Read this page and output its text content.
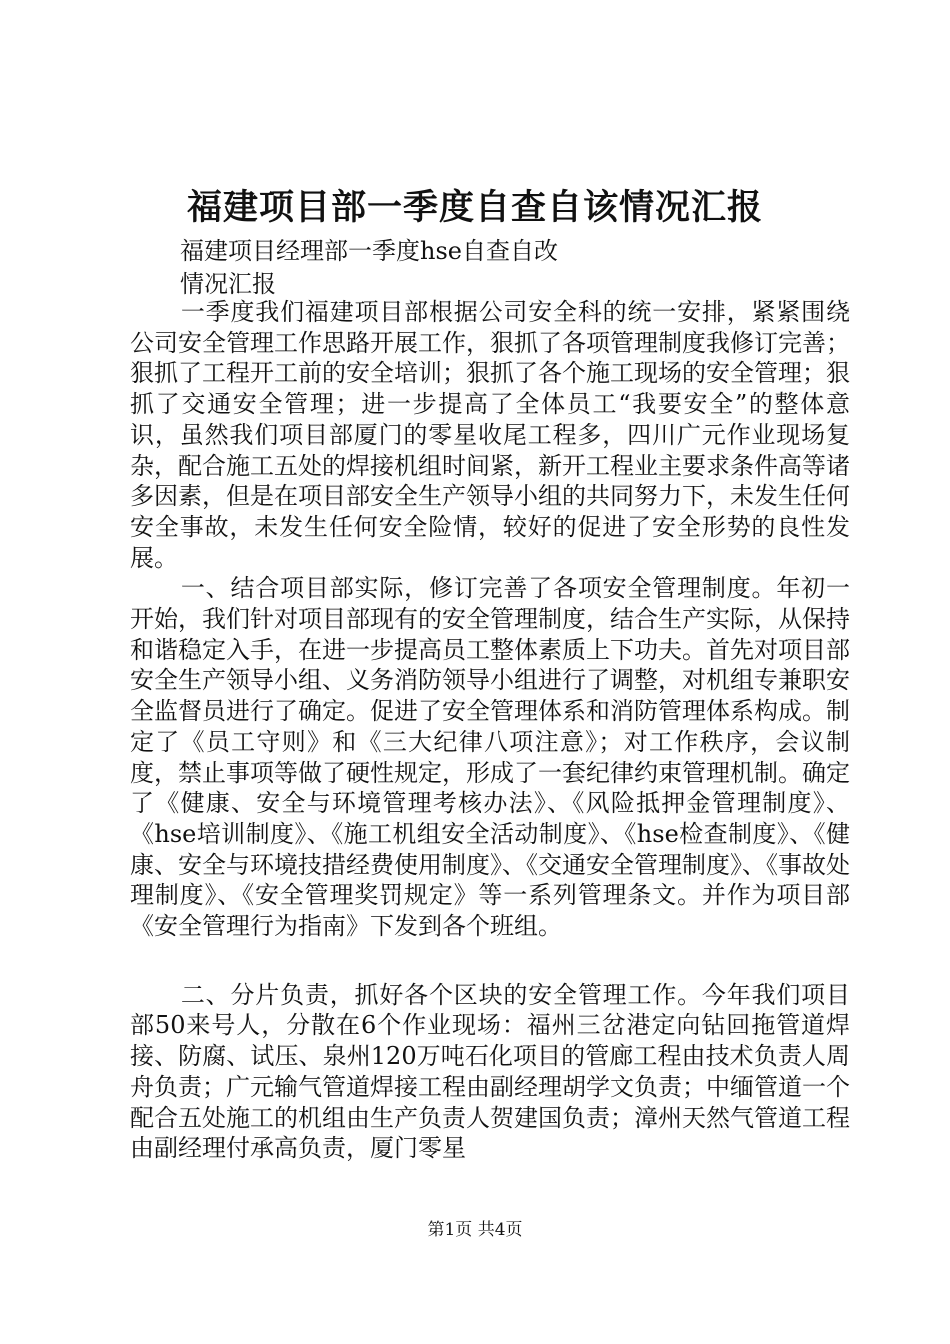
福建项目部一季度自查自该情况汇报
福建项目经理部一季度hse自查自改
情况汇报

一季度我们福建项目部根据公司安全科的统一安排，紧紧围绕公司安全管理工作思路开展工作，狠抓了各项管理制度我修订完善；狠抓了工程开工前的安全培训；狠抓了各个施工现场的安全管理；狠抓了交通安全管理；进一步提高了全体员工“我要安全”的整体意识，虽然我们项目部厦门的零星收尾工程多，四川广元作业现场复杂，配合施工五处的焊接机组时间紧，新开工程业主要求条件高等诸多因素，但是在项目部安全生产领导小组的共同努力下，未发生任何安全事故，未发生任何安全险情，较好的促进了安全形势的良性发展。

一、结合项目部实际，修订完善了各项安全管理制度。年初一开始，我们针对项目部现有的安全管理制度，结合生产实际，从保持和谐稳定入手，在进一步提高员工整体素质上下功夫。首先对项目部安全生产领导小组、义务消防领导小组进行了调整，对机组专兼职安全监督员进行了确定。促进了安全管理体系和消防管理体系构成。制定了《员工守则》和《三大纪律八项注意》；对工作秩序，会议制度，禁止事项等做了硬性规定，形成了一套纪律约束管理机制。确定了《健康、安全与环境管理考核办法》、《风险抵押金管理制度》、《hse培训制度》、《施工机组安全活动制度》、《hse检查制度》、《健康、安全与环境技措经费使用制度》、《交通安全管理制度》、《事故处理制度》、《安全管理奖罚规定》等一系列管理条文。并作为项目部《安全管理行为指南》下发到各个班组。

二、分片负责，抓好各个区块的安全管理工作。今年我们项目部50来号人，分散在6个作业现场：福州三岔港定向钻回拖管道焊接、防腐、试压、泉州120万吨石化项目的管廊工程由技术负责人周舟负责；广元输气管道焊接工程由副经理胡学文负责；中缅管道一个配合五处施工的机组由生产负责人贺建国负责；漳州天然气管道工程由副经理付承高负责，厦门零星

第1页 共4页
